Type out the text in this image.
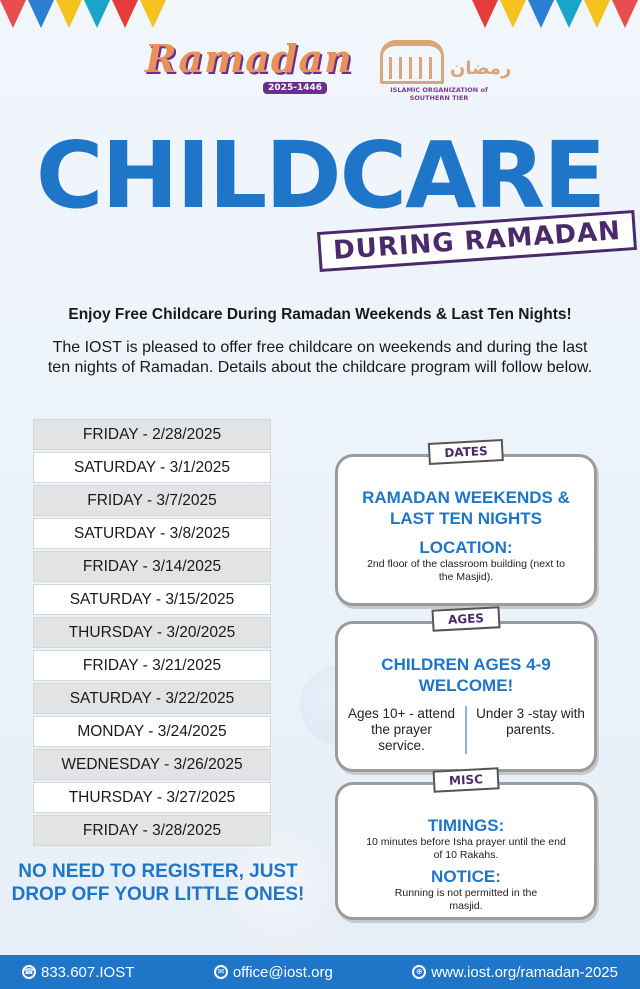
Ramadan
2025-1446
رمضان
ISLAMIC ORGANIZATION of SOUTHERN TIER
CHILDCARE
DURING RAMADAN
Enjoy Free Childcare During Ramadan Weekends & Last Ten Nights!
The IOST is pleased to offer free childcare on weekends and during the last ten nights of Ramadan. Details about the childcare program will follow below.
FRIDAY - 2/28/2025
SATURDAY - 3/1/2025
FRIDAY - 3/7/2025
SATURDAY - 3/8/2025
FRIDAY - 3/14/2025
SATURDAY - 3/15/2025
THURSDAY - 3/20/2025
FRIDAY - 3/21/2025
SATURDAY - 3/22/2025
MONDAY - 3/24/2025
WEDNESDAY - 3/26/2025
THURSDAY - 3/27/2025
FRIDAY - 3/28/2025
NO NEED TO REGISTER, JUST DROP OFF YOUR LITTLE ONES!
DATES
RAMADAN WEEKENDS & LAST TEN NIGHTS
LOCATION:

2nd floor of the classroom building (next to the Masjid).

AGES
CHILDREN AGES 4-9 WELCOME!
Ages 10+ - attend the prayer service.
Under 3 -stay with parents.
MISC
TIMINGS:

10 minutes before Isha prayer until the end of 10 Rakahs.

NOTICE:

Running is not permitted in the masjid.

☎ 833.607.IOST	✉ office@iost.org	⊕ www.iost.org/ramadan-2025
